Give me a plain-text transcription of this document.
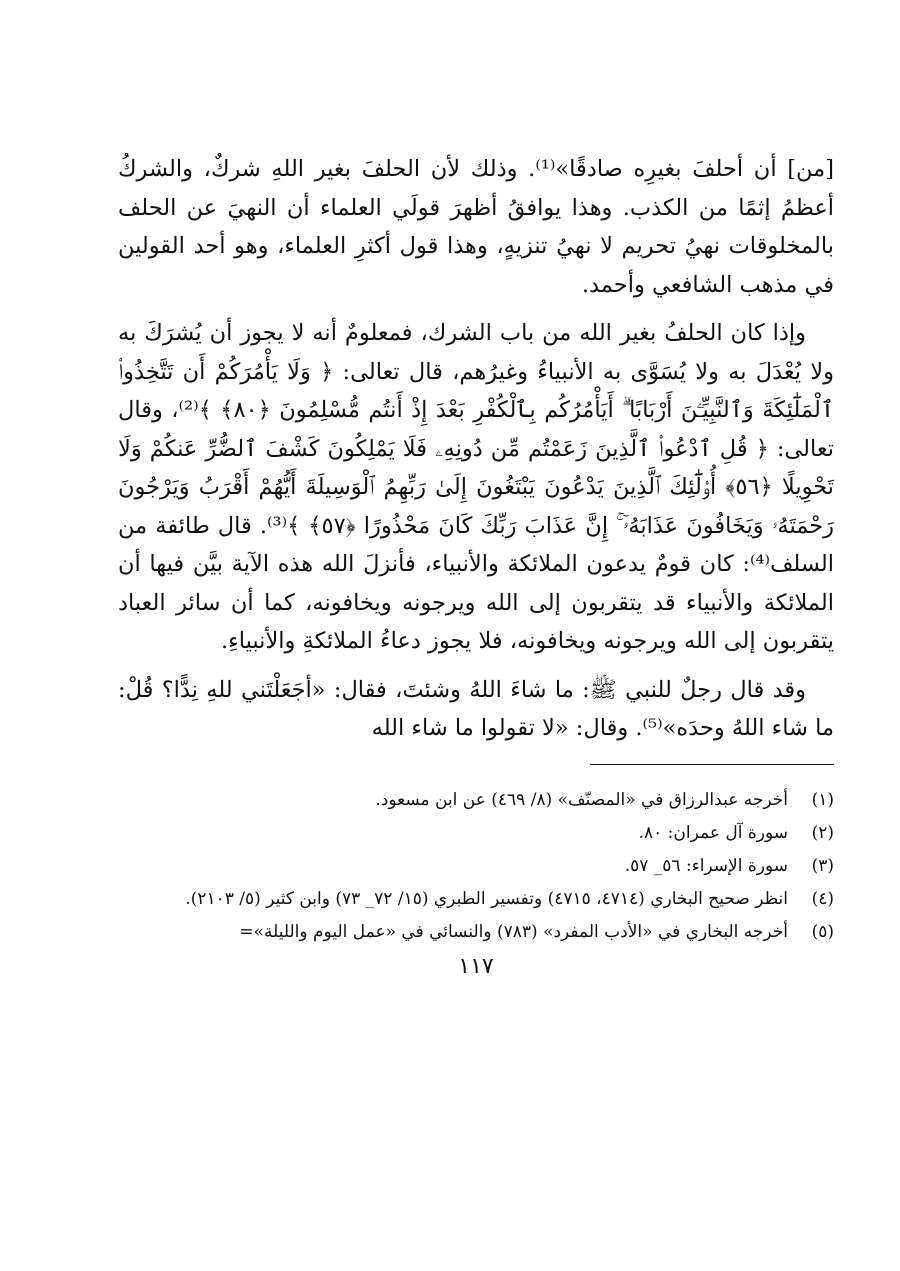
[من] أن أحلفَ بغيرِه صادقًا»⁽¹⁾. وذلك لأن الحلفَ بغير اللهِ شركٌ، والشركُ أعظمُ إثمًا من الكذب. وهذا يوافقُ أظهرَ قولَي العلماء أن النهيَ عن الحلف بالمخلوقات نهيُ تحريم لا نهيُ تنزيهٍ، وهذا قول أكثرِ العلماء، وهو أحد القولين في مذهب الشافعي وأحمد.

وإذا كان الحلفُ بغير الله من باب الشرك، فمعلومٌ أنه لا يجوز أن يُشرَكَ به ولا يُعْدَلَ به ولا يُسَوَّى به الأنبياءُ وغيرُهم، قال تعالى: ﴿ وَلَا يَأْمُرَكُمْ أَن تَتَّخِذُوا۟ ٱلْمَلَٰٓئِكَةَ وَٱلنَّبِيِّـۧنَ أَرْبَابًا ۗ أَيَأْمُرُكُم بِٱلْكُفْرِ بَعْدَ إِذْ أَنتُم مُّسْلِمُونَ ﴿٨٠﴾ ﴾⁽²⁾، وقال تعالى: ﴿ قُلِ ٱدْعُوا۟ ٱلَّذِينَ زَعَمْتُم مِّن دُونِهِۦ فَلَا يَمْلِكُونَ كَشْفَ ٱلضُّرِّ عَنكُمْ وَلَا تَحْوِيلًا ﴿٥٦﴾ أُو۟لَٰٓئِكَ ٱلَّذِينَ يَدْعُونَ يَبْتَغُونَ إِلَىٰ رَبِّهِمُ ٱلْوَسِيلَةَ أَيُّهُمْ أَقْرَبُ وَيَرْجُونَ رَحْمَتَهُۥ وَيَخَافُونَ عَذَابَهُۥٓ ۚ إِنَّ عَذَابَ رَبِّكَ كَانَ مَحْذُورًا ﴿٥٧﴾ ﴾⁽³⁾. قال طائفة من السلف⁽⁴⁾: كان قومٌ يدعون الملائكة والأنبياء، فأنزلَ الله هذه الآية بيَّن فيها أن الملائكة والأنبياء قد يتقربون إلى الله ويرجونه ويخافونه، كما أن سائر العباد يتقربون إلى الله ويرجونه ويخافونه، فلا يجوز دعاءُ الملائكةِ والأنبياءِ.

وقد قال رجلٌ للنبي ﷺ: ما شاءَ اللهُ وشئتَ، فقال: «أجَعَلْتَني للهِ نِدًّا؟ قُلْ: ما شاء اللهُ وحدَه»⁽⁵⁾. وقال: «لا تقولوا ما شاء الله

(١)
أخرجه عبدالرزاق في «المصنّف» (٨/ ٤٦٩) عن ابن مسعود.
(٢)
سورة آل عمران: ٨٠.
(٣)
سورة الإسراء: ٥٦_ ٥٧.
(٤)
انظر صحيح البخاري (٤٧١٤، ٤٧١٥) وتفسير الطبري (١٥/ ٧٢_ ٧٣) وابن كثير (٥/ ٢١٠٣).
(٥)
أخرجه البخاري في «الأدب المفرد» (٧٨٣) والنسائي في «عمل اليوم والليلة»=
١١٧
